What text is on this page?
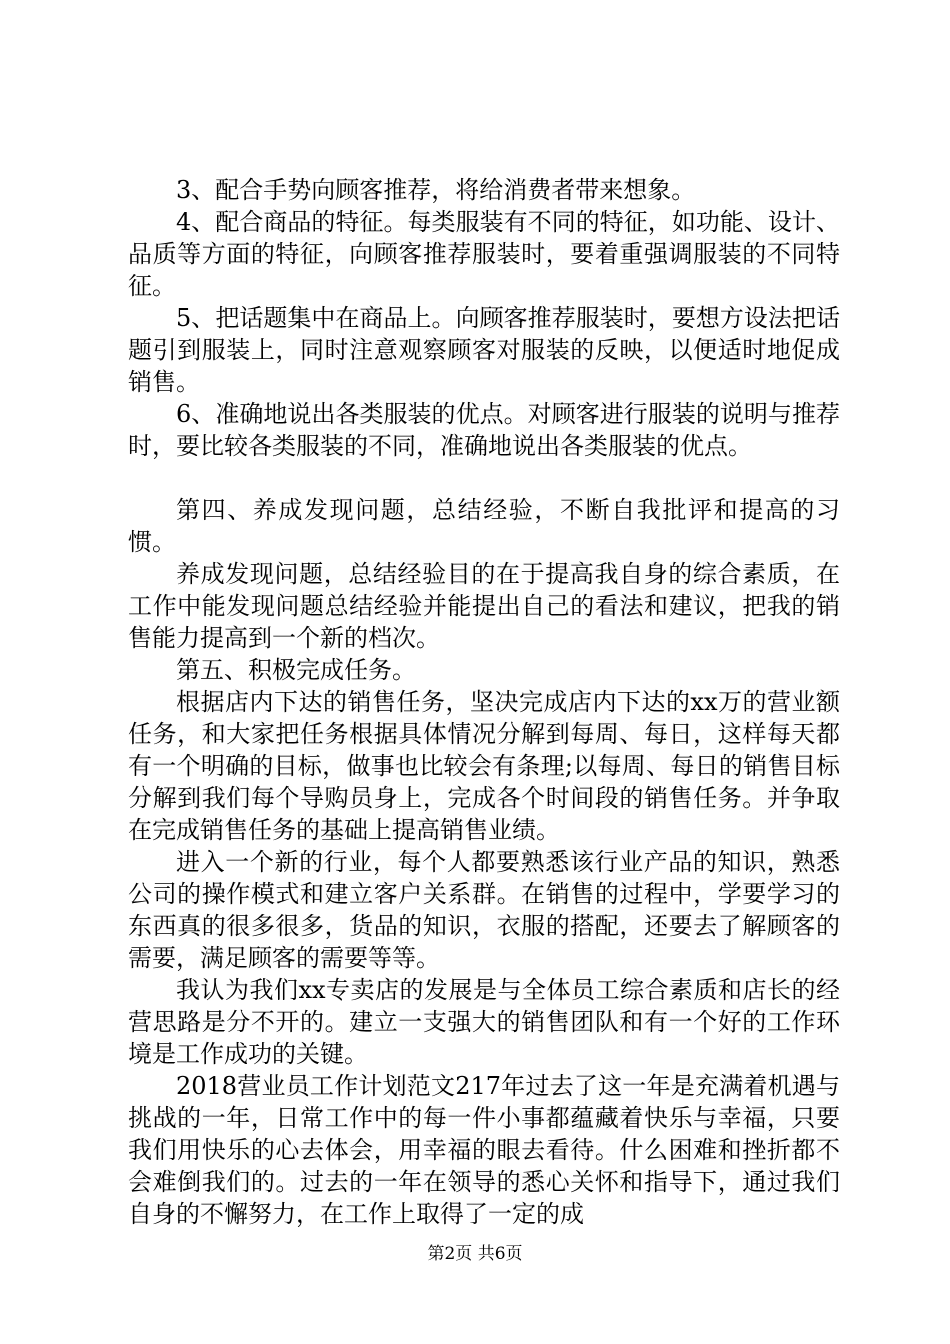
3、配合手势向顾客推荐，将给消费者带来想象。

4、配合商品的特征。每类服装有不同的特征，如功能、设计、品质等方面的特征，向顾客推荐服装时，要着重强调服装的不同特征。

5、把话题集中在商品上。向顾客推荐服装时，要想方设法把话题引到服装上，同时注意观察顾客对服装的反映，以便适时地促成销售。

6、准确地说出各类服装的优点。对顾客进行服装的说明与推荐时，要比较各类服装的不同，准确地说出各类服装的优点。

第四、养成发现问题，总结经验，不断自我批评和提高的习惯。

养成发现问题，总结经验目的在于提高我自身的综合素质，在工作中能发现问题总结经验并能提出自己的看法和建议，把我的销售能力提高到一个新的档次。

第五、积极完成任务。

根据店内下达的销售任务，坚决完成店内下达的xx万的营业额任务，和大家把任务根据具体情况分解到每周、每日，这样每天都有一个明确的目标，做事也比较会有条理;以每周、每日的销售目标分解到我们每个导购员身上，完成各个时间段的销售任务。并争取在完成销售任务的基础上提高销售业绩。

进入一个新的行业，每个人都要熟悉该行业产品的知识，熟悉公司的操作模式和建立客户关系群。在销售的过程中，学要学习的东西真的很多很多，货品的知识，衣服的搭配，还要去了解顾客的需要，满足顾客的需要等等。

我认为我们xx专卖店的发展是与全体员工综合素质和店长的经营思路是分不开的。建立一支强大的销售团队和有一个好的工作环境是工作成功的关键。

2018营业员工作计划范文217年过去了这一年是充满着机遇与挑战的一年，日常工作中的每一件小事都蕴藏着快乐与幸福，只要我们用快乐的心去体会，用幸福的眼去看待。什么困难和挫折都不会难倒我们的。过去的一年在领导的悉心关怀和指导下，通过我们自身的不懈努力，在工作上取得了一定的成

第2页 共6页
